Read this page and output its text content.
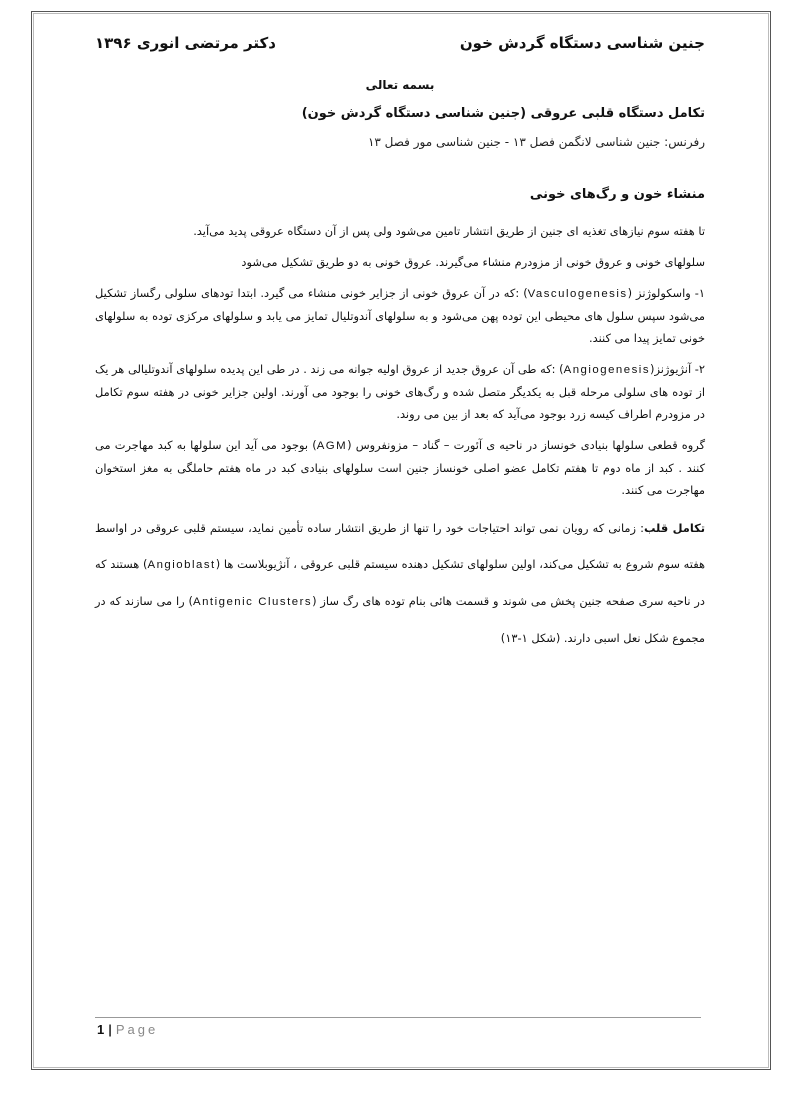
دکتر مرتضی انوری ۱۳۹۶	جنین شناسی دستگاه گردش خون
بسمه تعالی
تکامل دستگاه قلبی عروقی (جنین شناسی دستگاه گردش خون)
رفرنس: جنین شناسی لانگمن فصل ۱۳ - جنین شناسی مور فصل ۱۳
منشاء خون و رگ‌های خونی

تا هفته سوم نیازهای تغذیه ای جنین از طریق انتشار تامین می‌شود ولی پس از آن دستگاه عروقی پدید می‌آید.

سلولهای خونی و عروق خونی از مزودرم منشاء می‌گیرند. عروق خونی به دو طریق تشکیل می‌شود

۱- واسکولوژنز (Vasculogenesis) :که در آن عروق خونی از جزایر خونی منشاء می گیرد. ابتدا تودهای سلولی رگساز تشکیل می‌شود سپس سلول های محیطی این توده پهن می‌شود و به سلولهای آندوتلیال تمایز می یابد و سلولهای مرکزی توده به سلولهای خونی تمایز پیدا می کنند.

۲- آنژیوژنز(Angiogenesis) :که طی آن عروق جدید از عروق اولیه جوانه می زند . در طی این پدیده سلولهای آندوتلیالی هر یک از توده های سلولی مرحله قبل به یکدیگر متصل شده و رگ‌های خونی را بوجود می آورند. اولین جزایر خونی در هفته سوم تکامل در مزودرم اطراف کیسه زرد بوجود می‌آید که بعد از بین می روند.

گروه قطعی سلولها بنیادی خونساز در ناحیه ی آئورت – گناد – مزونفروس (AGM) بوجود می آید این سلولها به کبد مهاجرت می کنند . کبد از ماه دوم تا هفتم تکامل عضو اصلی خونساز جنین است سلولهای بنیادی کبد در ماه هفتم حاملگی به مغز استخوان مهاجرت می کنند.

تکامل قلب: زمانی که رویان نمی تواند احتیاجات خود را تنها از طریق انتشار ساده تأمین نماید، سیستم قلبی عروقی در اواسط هفته سوم شروع به تشکیل می‌کند، اولین سلولهای تشکیل دهنده سیستم قلبی عروقی ، آنژیوبلاست ها (Angioblast) هستند که در ناحیه سری صفحه جنین پخش می شوند و قسمت هائی بنام توده های رگ ساز (Antigenic Clusters) را می سازند که در مجموع شکل نعل اسبی دارند. (شکل ۱-۱۳)

1 | Page
